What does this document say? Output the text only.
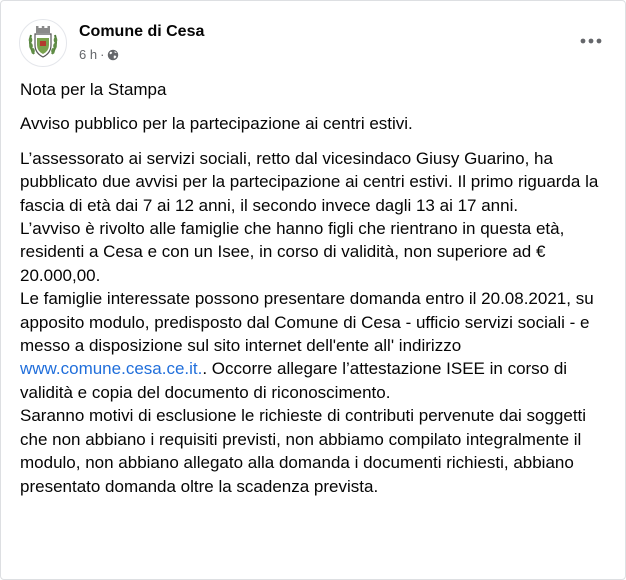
Comune di Cesa
6 h ·

Nota per la Stampa

Avviso pubblico per la partecipazione ai centri estivi.

L’assessorato ai servizi sociali, retto dal vicesindaco Giusy Guarino, ha pubblicato due avvisi per la partecipazione ai centri estivi. Il primo riguarda la fascia di età dai 7 ai 12 anni, il secondo invece dagli 13 ai 17 anni.

L’avviso è rivolto alle famiglie che hanno figli che rientrano in questa età, residenti a Cesa e con un Isee, in corso di validità, non superiore ad € 20.000,00.

Le famiglie interessate possono presentare domanda entro il 20.08.2021, su apposito modulo, predisposto dal Comune di Cesa - ufficio servizi sociali - e messo a disposizione sul sito internet dell'ente all' indirizzo www.comune.cesa.ce.it.. Occorre allegare l’attestazione ISEE in corso di validità e copia del documento di riconoscimento.

Saranno motivi di esclusione le richieste di contributi pervenute dai soggetti che non abbiano i requisiti previsti, non abbiamo compilato integralmente il modulo, non abbiano allegato alla domanda i documenti richiesti, abbiano presentato domanda oltre la scadenza prevista.
